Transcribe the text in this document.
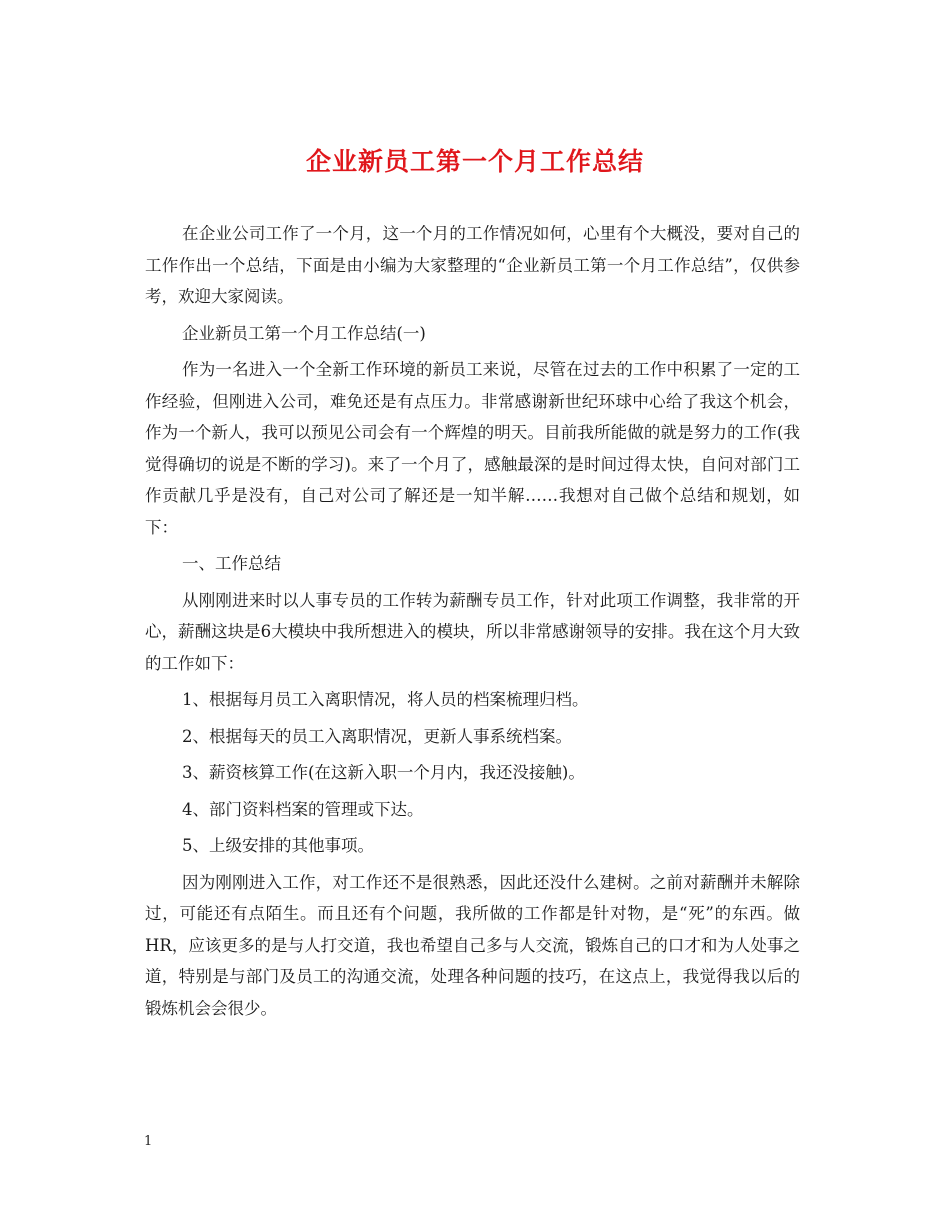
企业新员工第一个月工作总结

在企业公司工作了一个月，这一个月的工作情况如何，心里有个大概没，要对自己的工作作出一个总结，下面是由小编为大家整理的“企业新员工第一个月工作总结”，仅供参考，欢迎大家阅读。

企业新员工第一个月工作总结(一)

作为一名进入一个全新工作环境的新员工来说，尽管在过去的工作中积累了一定的工作经验，但刚进入公司，难免还是有点压力。非常感谢新世纪环球中心给了我这个机会，作为一个新人，我可以预见公司会有一个辉煌的明天。目前我所能做的就是努力的工作(我觉得确切的说是不断的学习)。来了一个月了，感触最深的是时间过得太快，自问对部门工作贡献几乎是没有，自己对公司了解还是一知半解……我想对自己做个总结和规划，如下：

一、工作总结

从刚刚进来时以人事专员的工作转为薪酬专员工作，针对此项工作调整，我非常的开心，薪酬这块是6大模块中我所想进入的模块，所以非常感谢领导的安排。我在这个月大致的工作如下：

1、根据每月员工入离职情况，将人员的档案梳理归档。

2、根据每天的员工入离职情况，更新人事系统档案。

3、薪资核算工作(在这新入职一个月内，我还没接触)。

4、部门资料档案的管理或下达。

5、上级安排的其他事项。

因为刚刚进入工作，对工作还不是很熟悉，因此还没什么建树。之前对薪酬并未解除过，可能还有点陌生。而且还有个问题，我所做的工作都是针对物，是“死”的东西。做HR，应该更多的是与人打交道，我也希望自己多与人交流，锻炼自己的口才和为人处事之道，特别是与部门及员工的沟通交流，处理各种问题的技巧，在这点上，我觉得我以后的锻炼机会会很少。

1
